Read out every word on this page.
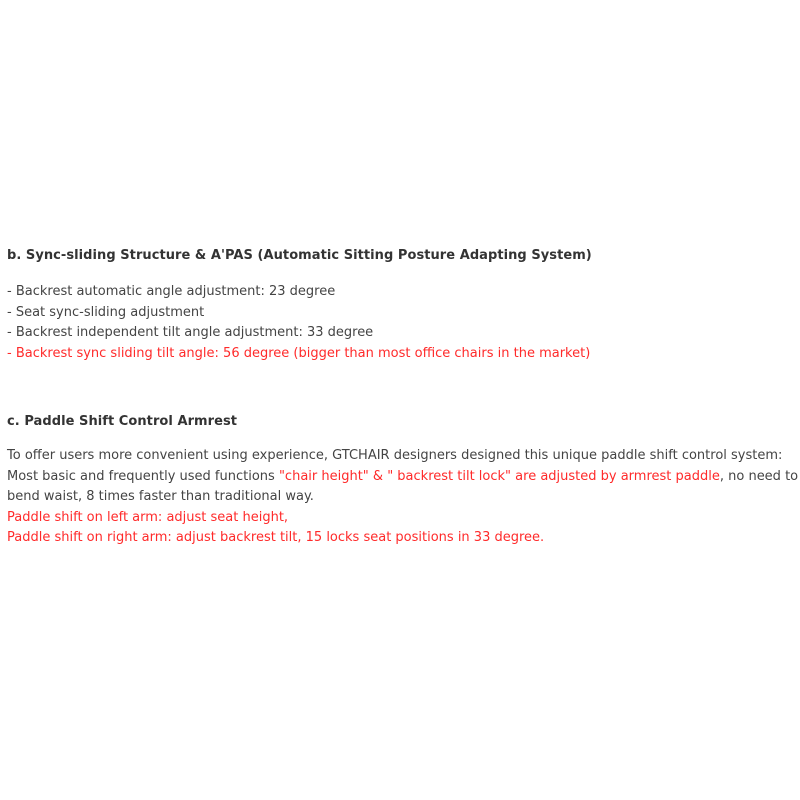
b. Sync-sliding Structure & A'PAS (Automatic Sitting Posture Adapting System)
- Backrest automatic angle adjustment: 23 degree
- Seat sync-sliding adjustment
- Backrest independent tilt angle adjustment: 33 degree
- Backrest sync sliding tilt angle: 56 degree (bigger than most office chairs in the market)
c. Paddle Shift Control Armrest
To offer users more convenient using experience, GTCHAIR designers designed this unique paddle shift control system: Most basic and frequently used functions "chair height" & " backrest tilt lock" are adjusted by armrest paddle, no need to bend waist, 8 times faster than traditional way.
Paddle shift on left arm: adjust seat height,
Paddle shift on right arm: adjust backrest tilt, 15 locks seat positions in 33 degree.
